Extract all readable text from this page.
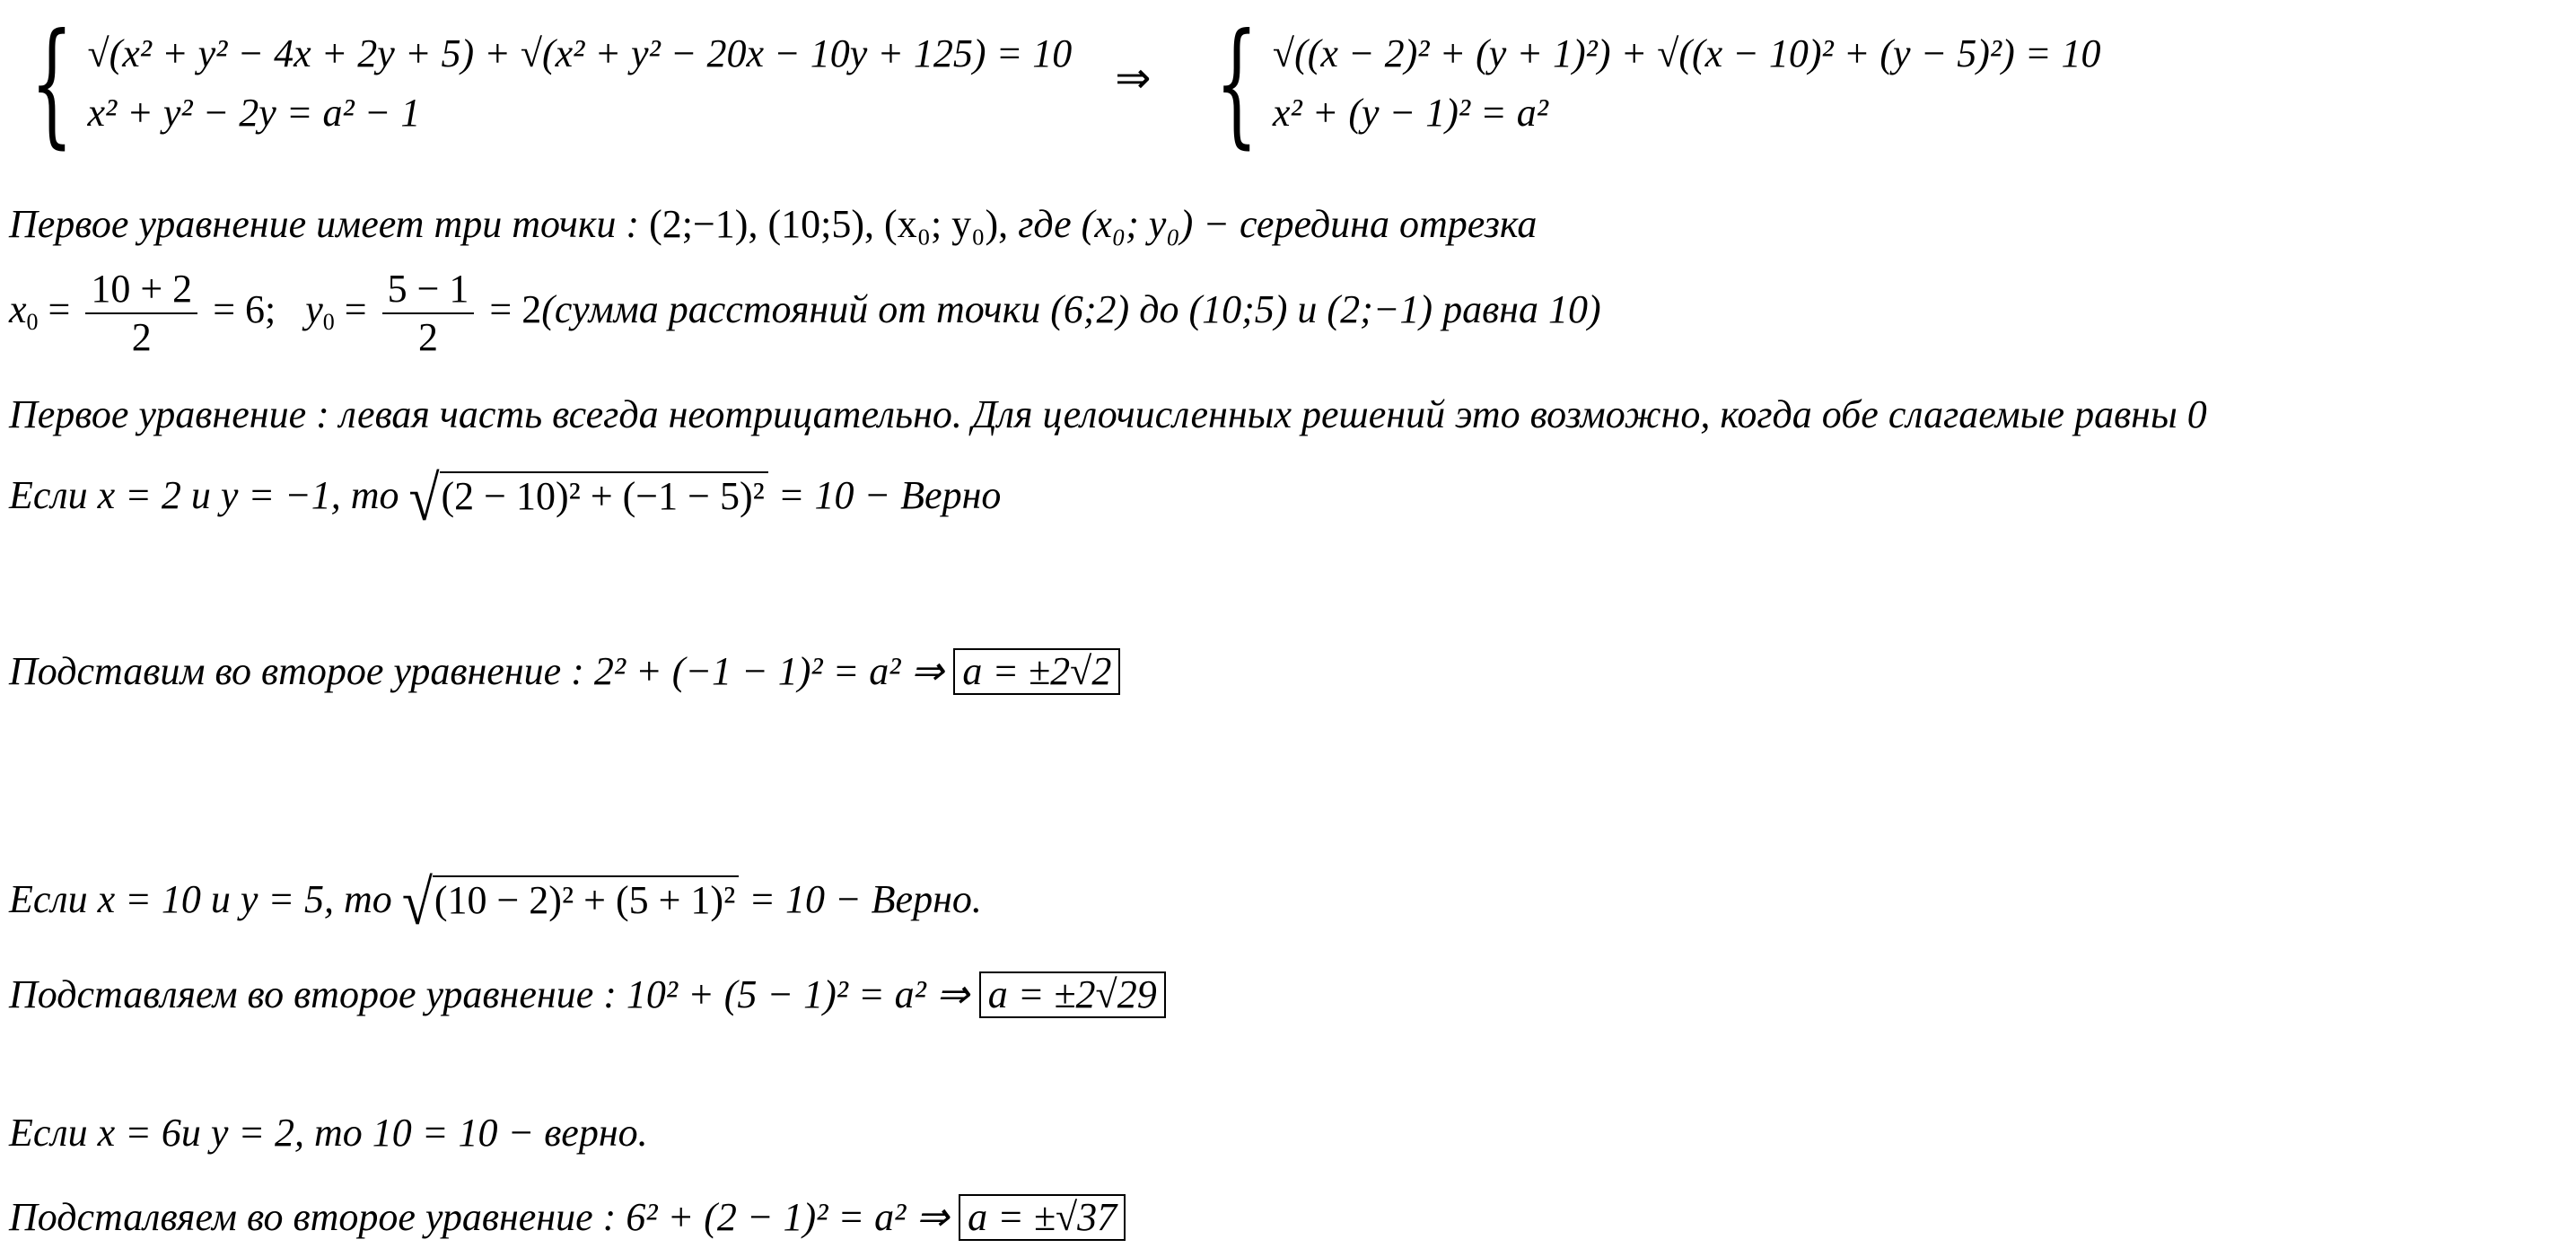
{ √(x² + y² − 4x + 2y + 5) + √(x² + y² − 20x − 10y + 125) = 10
x² + y² − 2y = a² − 1
⇒ { √((x − 2)² + (y + 1)²) + √((x − 10)² + (y − 5)²) = 10
x² + (y − 1)² = a²
Первое уравнение имеет три точки : (2;−1), (10;5), (x₀; y₀), где (x₀; y₀) − середина отрезка
$x_0 = \frac{10 + 2}{2} = 6$; $y_0 = \frac{5 - 1}{2}$ = 2(сумма расстояний от точки (6;2) до (10;5) и (2;−1) равна 10)
Первое уравнение : левая часть всегда неотрицательно. Для целочисленных решений это возможно, когда обе слагаемые равны 0
Если x = 2 и y = −1, то √ (2 − 10)² + (−1 − 5)² = 10 − Верно
Подставим во второе уравнение : 2² + (−1 − 1)² = a² ⇒ a = ±2√2
Если x = 10 и y = 5, то √ (10 − 2)² + (5 + 1)² = 10 − Верно.
Подставляем во второе уравнение : 10² + (5 − 1)² = a² ⇒ a = ±2√29
Если x = 6и y = 2, то 10 = 10 − верно.
Подсталвяем во второе уравнение : 6² + (2 − 1)² = a² ⇒ a = ±√37
